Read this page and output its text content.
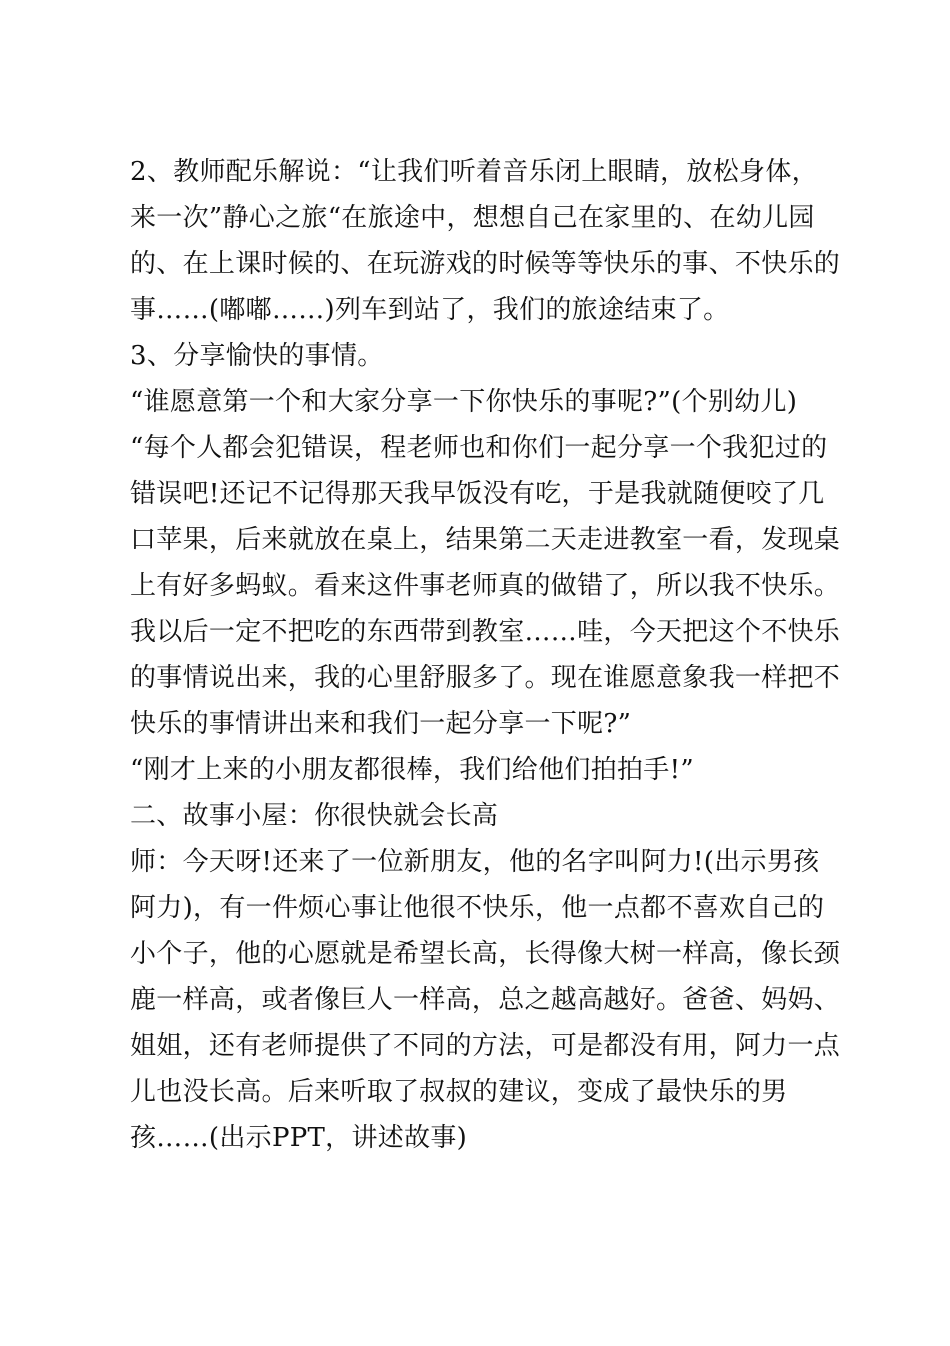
2、教师配乐解说：“让我们听着音乐闭上眼睛，放松身体，
来一次”静心之旅“在旅途中，想想自己在家里的、在幼儿园
的、在上课时候的、在玩游戏的时候等等快乐的事、不快乐的
事……(嘟嘟……)列车到站了，我们的旅途结束了。
3、分享愉快的事情。
“谁愿意第一个和大家分享一下你快乐的事呢?”(个别幼儿)
“每个人都会犯错误，程老师也和你们一起分享一个我犯过的
错误吧!还记不记得那天我早饭没有吃，于是我就随便咬了几
口苹果，后来就放在桌上，结果第二天走进教室一看，发现桌
上有好多蚂蚁。看来这件事老师真的做错了，所以我不快乐。
我以后一定不把吃的东西带到教室……哇，今天把这个不快乐
的事情说出来，我的心里舒服多了。现在谁愿意象我一样把不
快乐的事情讲出来和我们一起分享一下呢?”
“刚才上来的小朋友都很棒，我们给他们拍拍手!”
二、故事小屋：你很快就会长高
师：今天呀!还来了一位新朋友，他的名字叫阿力!(出示男孩
阿力)，有一件烦心事让他很不快乐，他一点都不喜欢自己的
小个子，他的心愿就是希望长高，长得像大树一样高，像长颈
鹿一样高，或者像巨人一样高，总之越高越好。爸爸、妈妈、
姐姐，还有老师提供了不同的方法，可是都没有用，阿力一点
儿也没长高。后来听取了叔叔的建议，变成了最快乐的男
孩……(出示PPT，讲述故事)
